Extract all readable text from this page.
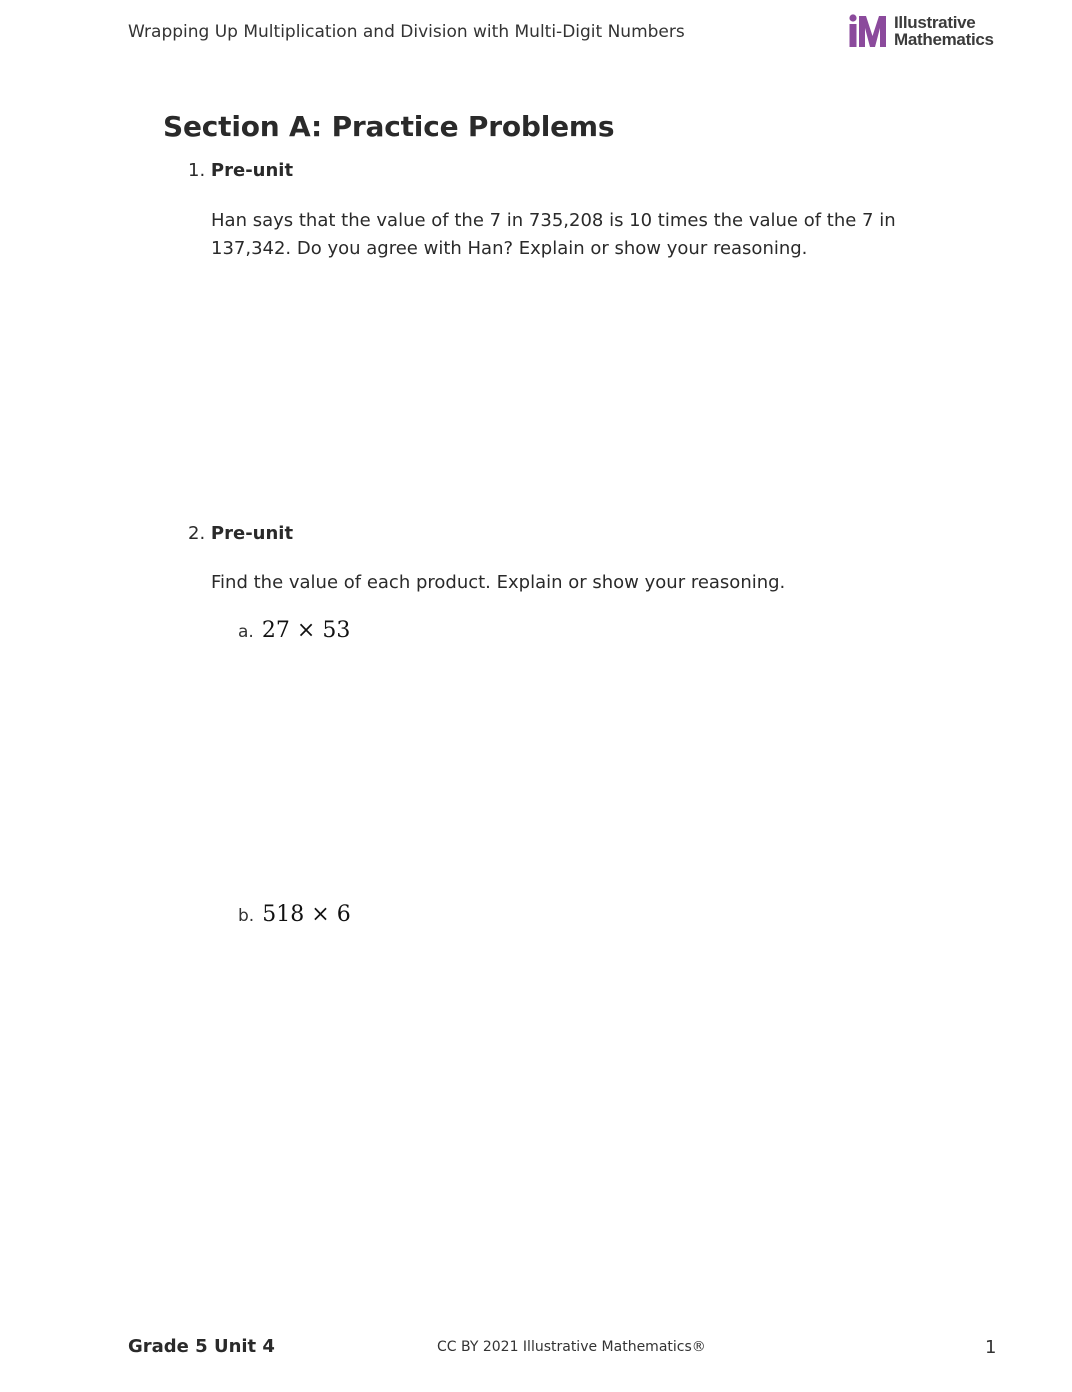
Wrapping Up Multiplication and Division with Multi-Digit Numbers	Illustrative
Mathematics
Section A: Practice Problems
1. Pre-unit
Han says that the value of the 7 in 735,208 is 10 times the value of the 7 in 137,342. Do you agree with Han? Explain or show your reasoning.
2. Pre-unit
Find the value of each product. Explain or show your reasoning.
a. 27 × 53
b. 518 × 6
Grade 5 Unit 4	CC BY 2021 Illustrative Mathematics®	1
